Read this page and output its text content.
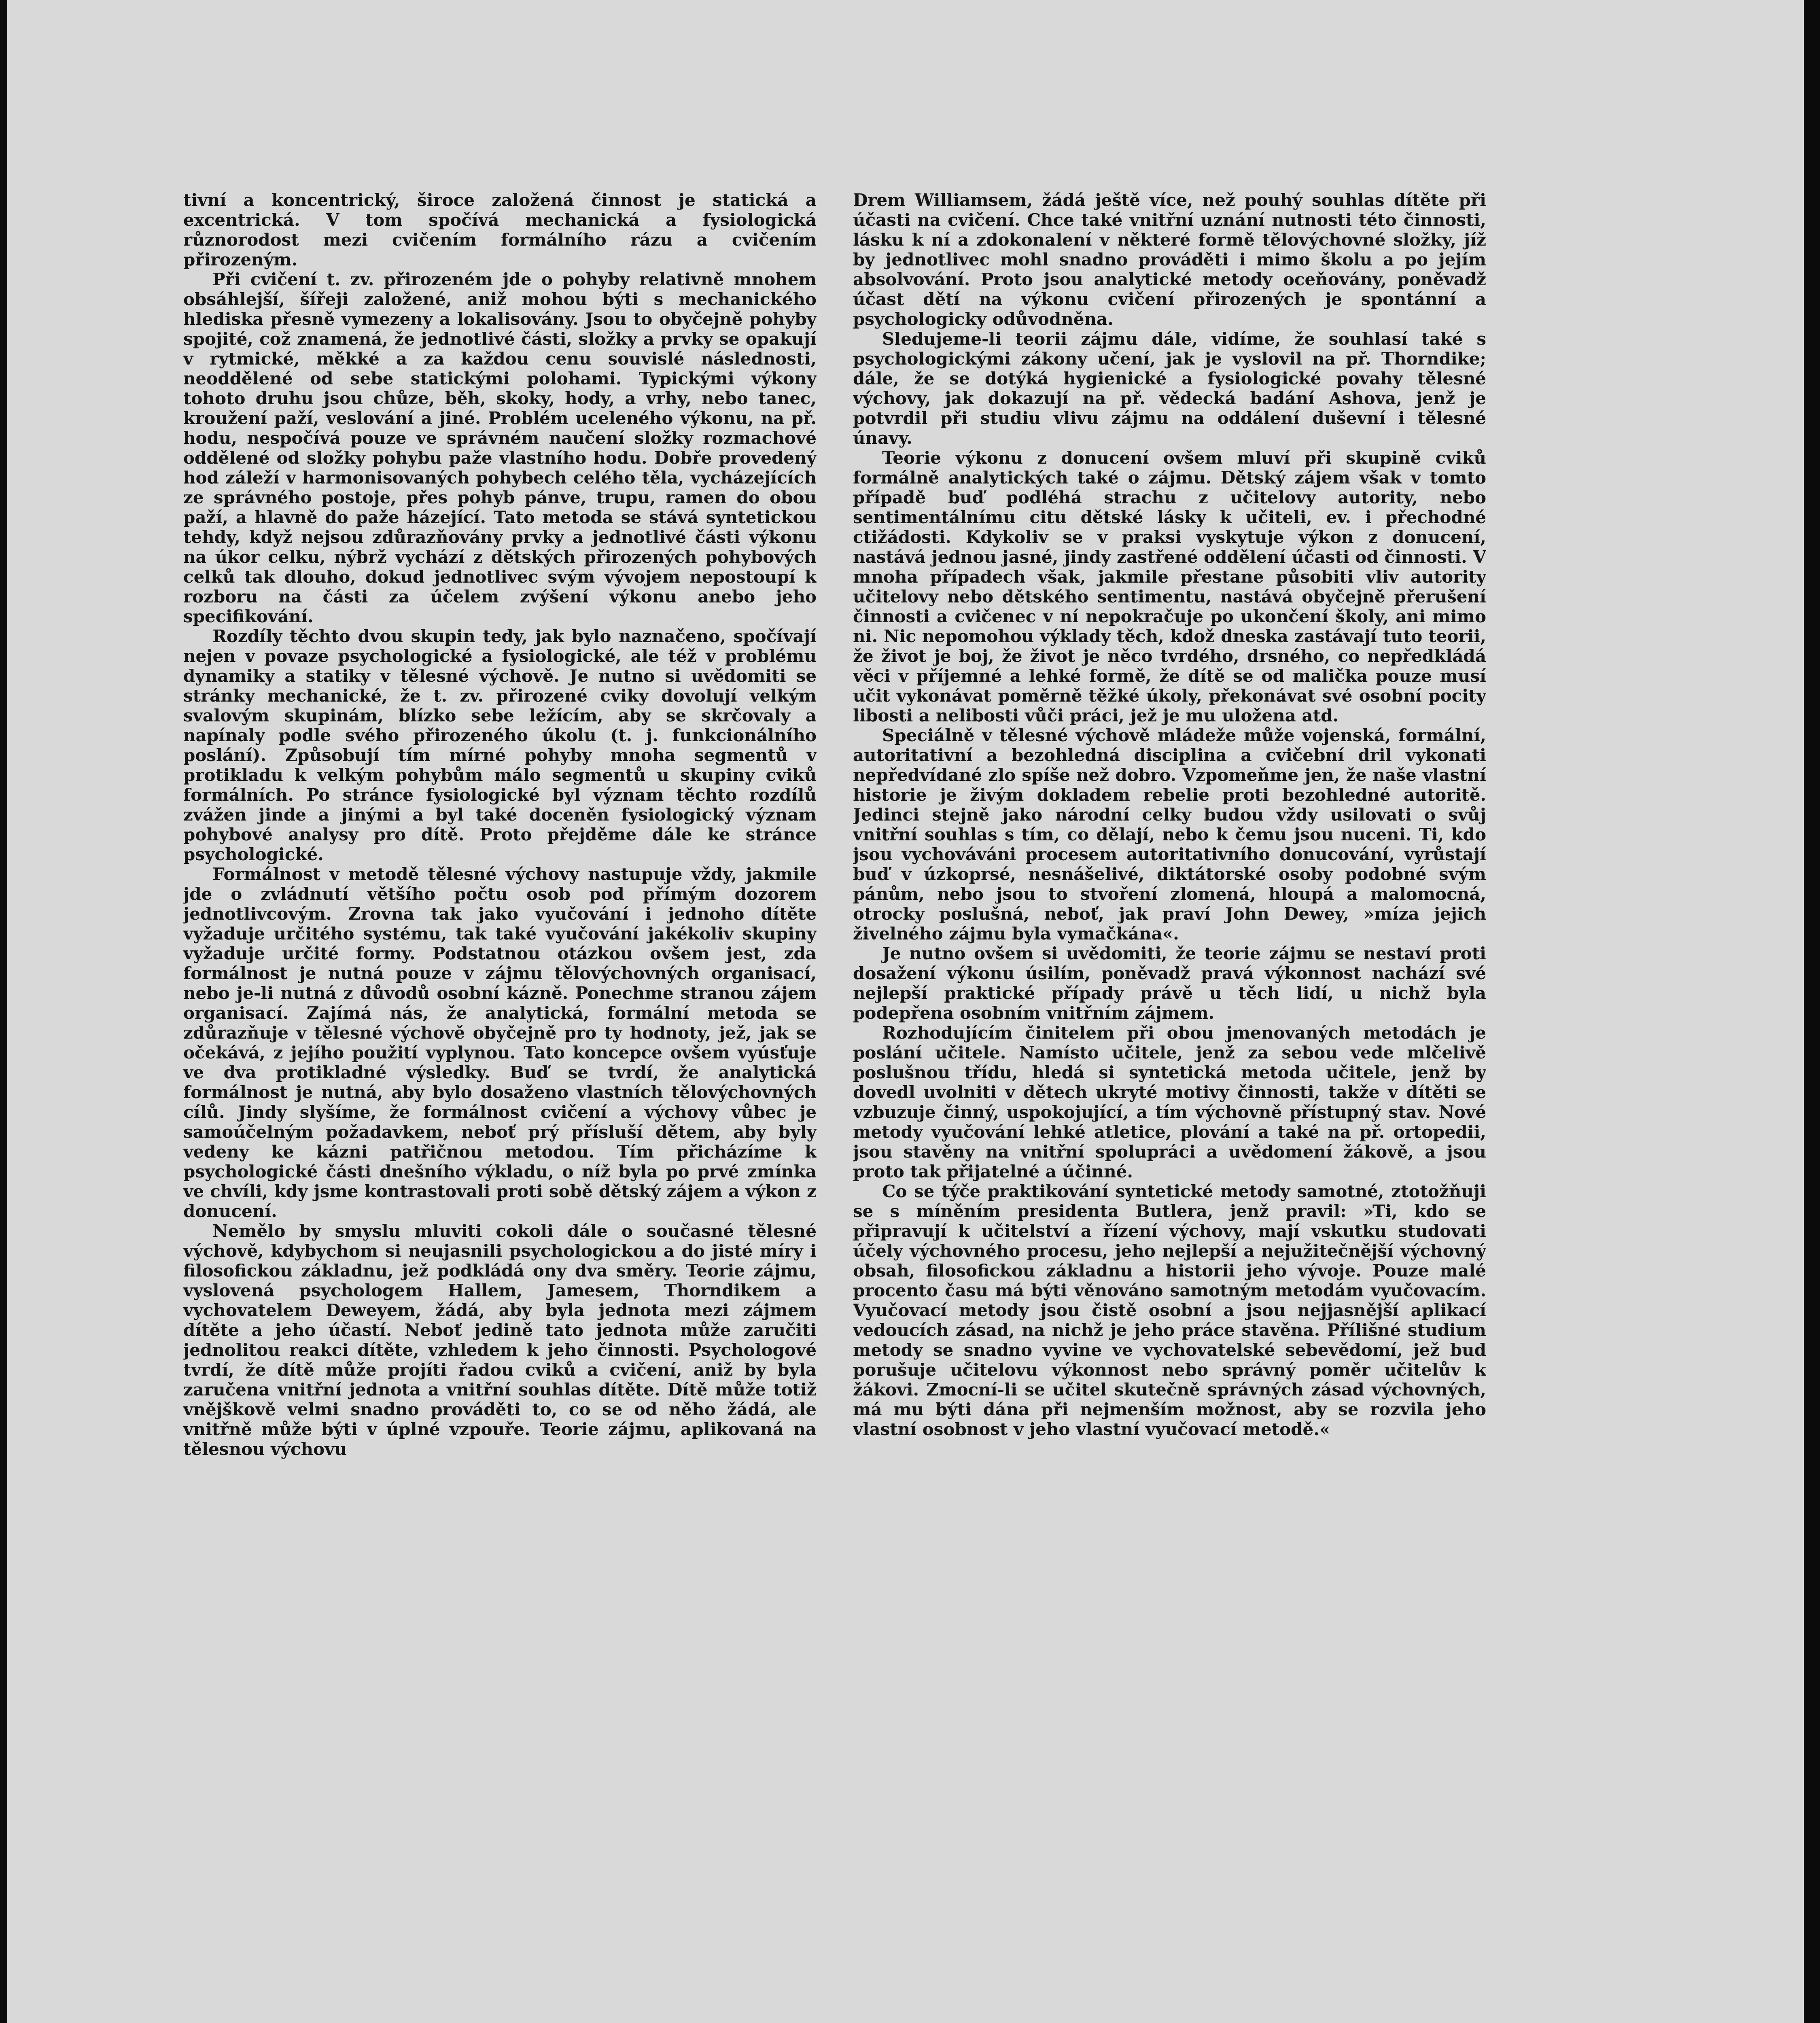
tivní a koncentrický, široce založená činnost je statická a excentrická. V tom spočívá mechanická a fysiologická různorodost mezi cvičením formálního rázu a cvičením přirozeným.

Při cvičení t. zv. přirozeném jde o pohyby relativně mnohem obsáhlejší, šířeji založené, aniž mohou býti s mechanického hlediska přesně vymezeny a lokalisovány. Jsou to obyčejně pohyby spojité, což znamená, že jednotlivé části, složky a prvky se opakují v rytmické, měkké a za každou cenu souvislé následnosti, neoddělené od sebe statickými polohami. Typickými výkony tohoto druhu jsou chůze, běh, skoky, hody, a vrhy, nebo tanec, kroužení paží, veslování a jiné. Problém uceleného výkonu, na př. hodu, nespočívá pouze ve správném naučení složky rozmachové oddělené od složky pohybu paže vlastního hodu. Dobře provedený hod záleží v harmonisovaných pohybech celého těla, vycházejících ze správného postoje, přes pohyb pánve, trupu, ramen do obou paží, a hlavně do paže házející. Tato metoda se stává syntetickou tehdy, když nejsou zdůrazňovány prvky a jednotlivé části výkonu na úkor celku, nýbrž vychází z dětských přirozených pohybových celků tak dlouho, dokud jednotlivec svým vývojem nepostoupí k rozboru na části za účelem zvýšení výkonu anebo jeho specifikování.

Rozdíly těchto dvou skupin tedy, jak bylo naznačeno, spočívají nejen v povaze psychologické a fysiologické, ale též v problému dynamiky a statiky v tělesné výchově. Je nutno si uvědomiti se stránky mechanické, že t. zv. přirozené cviky dovolují velkým svalovým skupinám, blízko sebe ležícím, aby se skrčovaly a napínaly podle svého přirozeného úkolu (t. j. funkcionálního poslání). Způsobují tím mírné pohyby mnoha segmentů v protikladu k velkým pohybům málo segmentů u skupiny cviků formálních. Po stránce fysiologické byl význam těchto rozdílů zvážen jinde a jinými a byl také doceněn fysiologický význam pohybové analysy pro dítě. Proto přejděme dále ke stránce psychologické.

Formálnost v metodě tělesné výchovy nastupuje vždy, jakmile jde o zvládnutí většího počtu osob pod přímým dozorem jednotlivcovým. Zrovna tak jako vyučování i jednoho dítěte vyžaduje určitého systému, tak také vyučování jakékoliv skupiny vyžaduje určité formy. Podstatnou otázkou ovšem jest, zda formálnost je nutná pouze v zájmu tělovýchovných organisací, nebo je-li nutná z důvodů osobní kázně. Ponechme stranou zájem organisací. Zajímá nás, že analytická, formální metoda se zdůrazňuje v tělesné výchově obyčejně pro ty hodnoty, jež, jak se očekává, z jejího použití vyplynou. Tato koncepce ovšem vyúsťuje ve dva protikladné výsledky. Buď se tvrdí, že analytická formálnost je nutná, aby bylo dosaženo vlastních tělovýchovných cílů. Jindy slyšíme, že formálnost cvičení a výchovy vůbec je samoúčelným požadavkem, neboť prý přísluší dětem, aby byly vedeny ke kázni patřičnou metodou. Tím přicházíme k psychologické části dnešního výkladu, o níž byla po prvé zmínka ve chvíli, kdy jsme kontrastovali proti sobě dětský zájem a výkon z donucení.

Nemělo by smyslu mluviti cokoli dále o současné tělesné výchově, kdybychom si neujasnili psychologickou a do jisté míry i filosofickou základnu, jež podkládá ony dva směry. Teorie zájmu, vyslovená psychologem Hallem, Jamesem, Thorndikem a vychovatelem Deweyem, žádá, aby byla jednota mezi zájmem dítěte a jeho účastí. Neboť jedině tato jednota může zaručiti jednolitou reakci dítěte, vzhledem k jeho činnosti. Psychologové tvrdí, že dítě může projíti řadou cviků a cvičení, aniž by byla zaručena vnitřní jednota a vnitřní souhlas dítěte. Dítě může totiž vnějškově velmi snadno prováděti to, co se od něho žádá, ale vnitřně může býti v úplné vzpouře. Teorie zájmu, aplikovaná na tělesnou výchovu

Drem Williamsem, žádá ještě více, než pouhý souhlas dítěte při účasti na cvičení. Chce také vnitřní uznání nutnosti této činnosti, lásku k ní a zdokonalení v některé formě tělovýchovné složky, jíž by jednotlivec mohl snadno prováděti i mimo školu a po jejím absolvování. Proto jsou analytické metody oceňovány, poněvadž účast dětí na výkonu cvičení přirozených je spontánní a psychologicky odůvodněna.

Sledujeme-li teorii zájmu dále, vidíme, že souhlasí také s psychologickými zákony učení, jak je vyslovil na př. Thorndike; dále, že se dotýká hygienické a fysiologické povahy tělesné výchovy, jak dokazují na př. vědecká badání Ashova, jenž je potvrdil při studiu vlivu zájmu na oddálení duševní i tělesné únavy.

Teorie výkonu z donucení ovšem mluví při skupině cviků formálně analytických také o zájmu. Dětský zájem však v tomto případě buď podléhá strachu z učitelovy autority, nebo sentimentálnímu citu dětské lásky k učiteli, ev. i přechodné ctižádosti. Kdykoliv se v praksi vyskytuje výkon z donucení, nastává jednou jasné, jindy zastřené oddělení účasti od činnosti. V mnoha případech však, jakmile přestane působiti vliv autority učitelovy nebo dětského sentimentu, nastává obyčejně přerušení činnosti a cvičenec v ní nepokračuje po ukončení školy, ani mimo ni. Nic nepomohou výklady těch, kdož dneska zastávají tuto teorii, že život je boj, že život je něco tvrdého, drsného, co nepředkládá věci v příjemné a lehké formě, že dítě se od malička pouze musí učit vykonávat poměrně těžké úkoly, překonávat své osobní pocity libosti a nelibosti vůči práci, jež je mu uložena atd.

Speciálně v tělesné výchově mládeže může vojenská, formální, autoritativní a bezohledná disciplina a cvičební dril vykonati nepředvídané zlo spíše než dobro. Vzpomeňme jen, že naše vlastní historie je živým dokladem rebelie proti bezohledné autoritě. Jedinci stejně jako národní celky budou vždy usilovati o svůj vnitřní souhlas s tím, co dělají, nebo k čemu jsou nuceni. Ti, kdo jsou vychováváni procesem autoritativního donucování, vyrůstají buď v úzkoprsé, nesnášelivé, diktátorské osoby podobné svým pánům, nebo jsou to stvoření zlomená, hloupá a malomocná, otrocky poslušná, neboť, jak praví John Dewey, »míza jejich živelného zájmu byla vymačkána«.

Je nutno ovšem si uvědomiti, že teorie zájmu se nestaví proti dosažení výkonu úsilím, poněvadž pravá výkonnost nachází své nejlepší praktické případy právě u těch lidí, u nichž byla podepřena osobním vnitřním zájmem.

Rozhodujícím činitelem při obou jmenovaných metodách je poslání učitele. Namísto učitele, jenž za sebou vede mlčelivě poslušnou třídu, hledá si syntetická metoda učitele, jenž by dovedl uvolniti v dětech ukryté motivy činnosti, takže v dítěti se vzbuzuje činný, uspokojující, a tím výchovně přístupný stav. Nové metody vyučování lehké atletice, plování a také na př. ortopedii, jsou stavěny na vnitřní spolupráci a uvědomení žákově, a jsou proto tak přijatelné a účinné.

Co se týče praktikování syntetické metody samotné, ztotožňuji se s míněním presidenta Butlera, jenž pravil: »Ti, kdo se připravují k učitelství a řízení výchovy, mají vskutku studovati účely výchovného procesu, jeho nejlepší a nejužitečnější výchovný obsah, filosofickou základnu a historii jeho vývoje. Pouze malé procento času má býti věnováno samotným metodám vyučovacím. Vyučovací metody jsou čistě osobní a jsou nejjasnější aplikací vedoucích zásad, na nichž je jeho práce stavěna. Přílišné studium metody se snadno vyvine ve vychovatelské sebevědomí, jež buď porušuje učitelovu výkonnost nebo správný poměr učitelův k žákovi. Zmocní-li se učitel skutečně správných zásad výchovných, má mu býti dána při nejmenším možnost, aby se rozvila jeho vlastní osobnost v jeho vlastní vyučovací metodě.«
